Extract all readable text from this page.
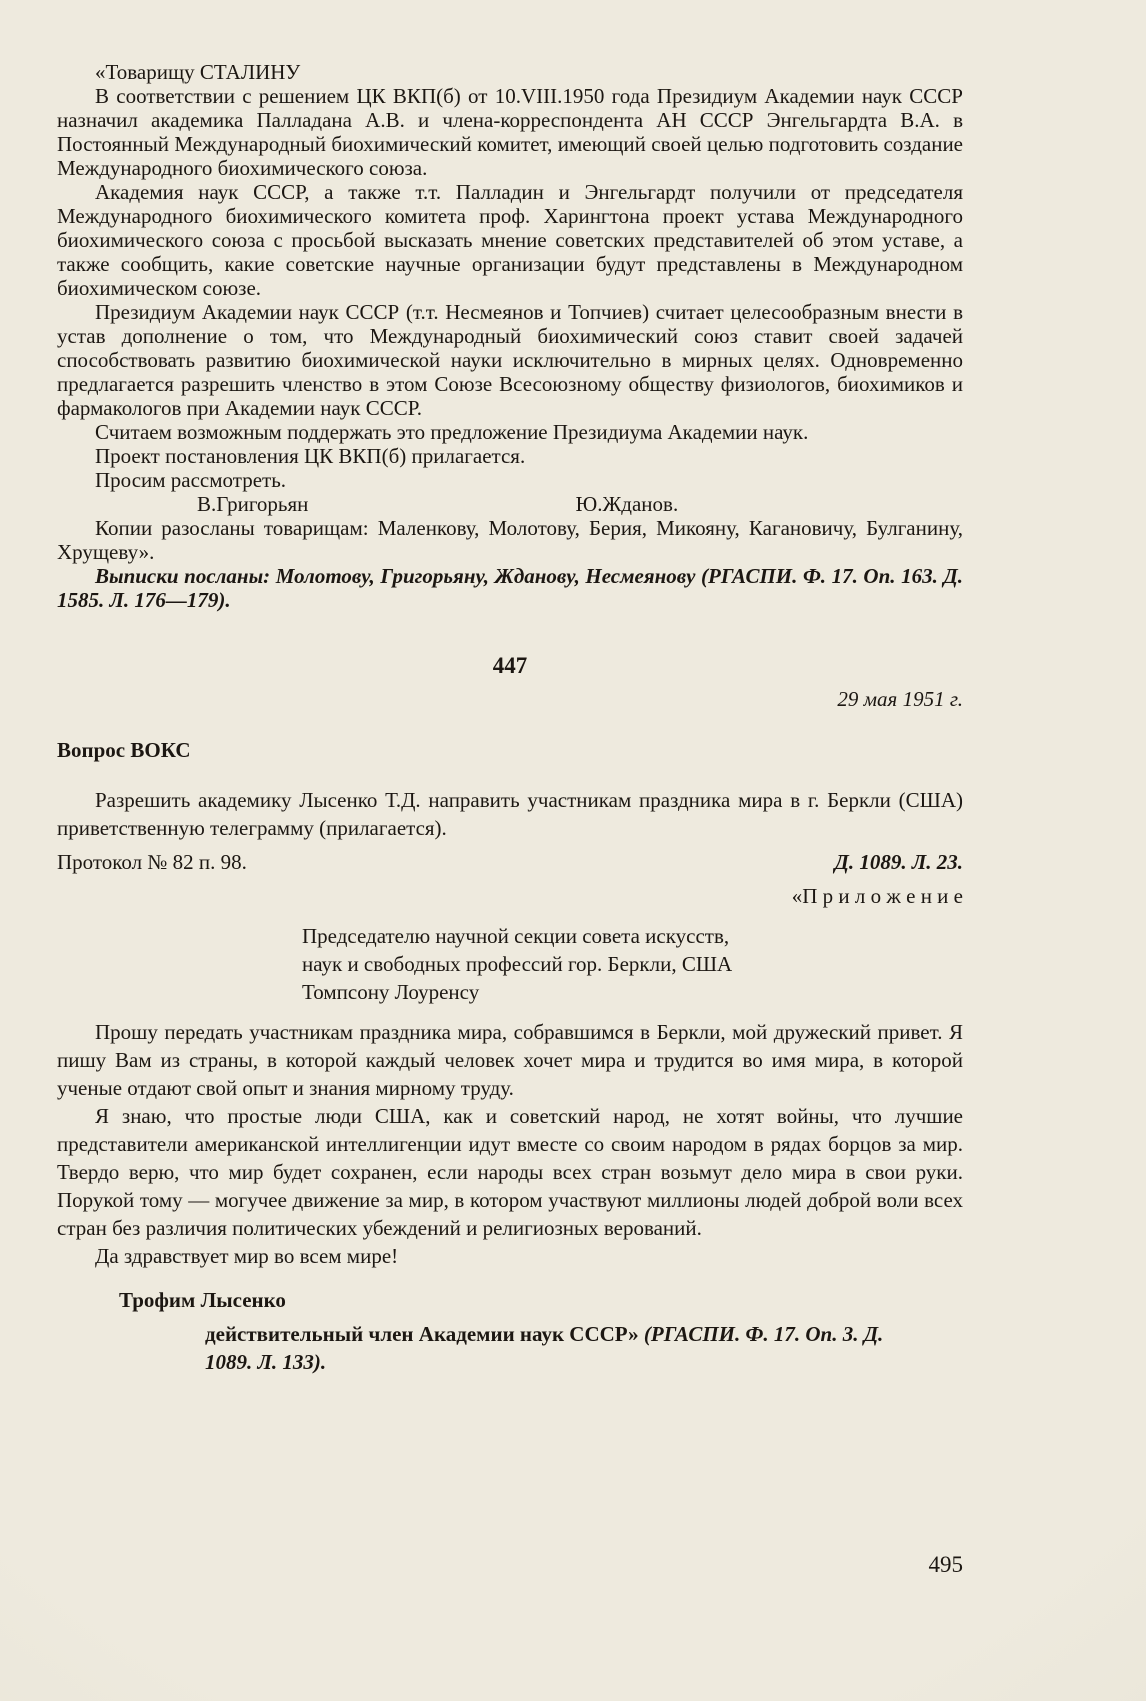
«Товарищу СТАЛИНУ

В соответствии с решением ЦК ВКП(б) от 10.VIII.1950 года Президиум Академии наук СССР назначил академика Палладана А.В. и члена-корреспондента АН СССР Энгельгардта В.А. в Постоянный Международный биохимический комитет, имеющий своей целью подготовить создание Международного биохимического союза.

Академия наук СССР, а также т.т. Палладин и Энгельгардт получили от председателя Международного биохимического комитета проф. Харингтона проект устава Международного биохимического союза с просьбой высказать мнение советских представителей об этом уставе, а также сообщить, какие советские научные организации будут представлены в Международном биохимическом союзе.

Президиум Академии наук СССР (т.т. Несмеянов и Топчиев) считает целесообразным внести в устав дополнение о том, что Международный биохимический союз ставит своей задачей способствовать развитию биохимической науки исключительно в мирных целях. Одновременно предлагается разрешить членство в этом Союзе Всесоюзному обществу физиологов, биохимиков и фармакологов при Академии наук СССР.

Считаем возможным поддержать это предложение Президиума Академии наук.

Проект постановления ЦК ВКП(б) прилагается.

Просим рассмотреть.

В.Григорьян	Ю.Жданов.

Копии разосланы товарищам: Маленкову, Молотову, Берия, Микояну, Кагановичу, Булганину, Хрущеву».

Выписки посланы: Молотову, Григорьяну, Жданову, Несмеянову (РГАСПИ. Ф. 17. Оп. 163. Д. 1585. Л. 176—179).

447
29 мая 1951 г.
Вопрос ВОКС

Разрешить академику Лысенко Т.Д. направить участникам праздника мира в г. Беркли (США) приветственную телеграмму (прилагается).

Протокол № 82 п. 98.	Д. 1089. Л. 23.
«П р и л о ж е н и е
Председателю научной секции совета искусств,
наук и свободных профессий гор. Беркли, США
Томпсону Лоуренсу

Прошу передать участникам праздника мира, собравшимся в Беркли, мой дружеский привет. Я пишу Вам из страны, в которой каждый человек хочет мира и трудится во имя мира, в которой ученые отдают свой опыт и знания мирному труду.

Я знаю, что простые люди США, как и советский народ, не хотят войны, что лучшие представители американской интеллигенции идут вместе со своим народом в рядах борцов за мир. Твердо верю, что мир будет сохранен, если народы всех стран возьмут дело мира в свои руки. Порукой тому — могучее движение за мир, в котором участвуют миллионы людей доброй воли всех стран без различия политических убеждений и религиозных верований.

Да здравствует мир во всем мире!

Трофим Лысенко
действительный член Академии наук СССР» (РГАСПИ. Ф. 17. Оп. 3. Д. 1089. Л. 133).
495
